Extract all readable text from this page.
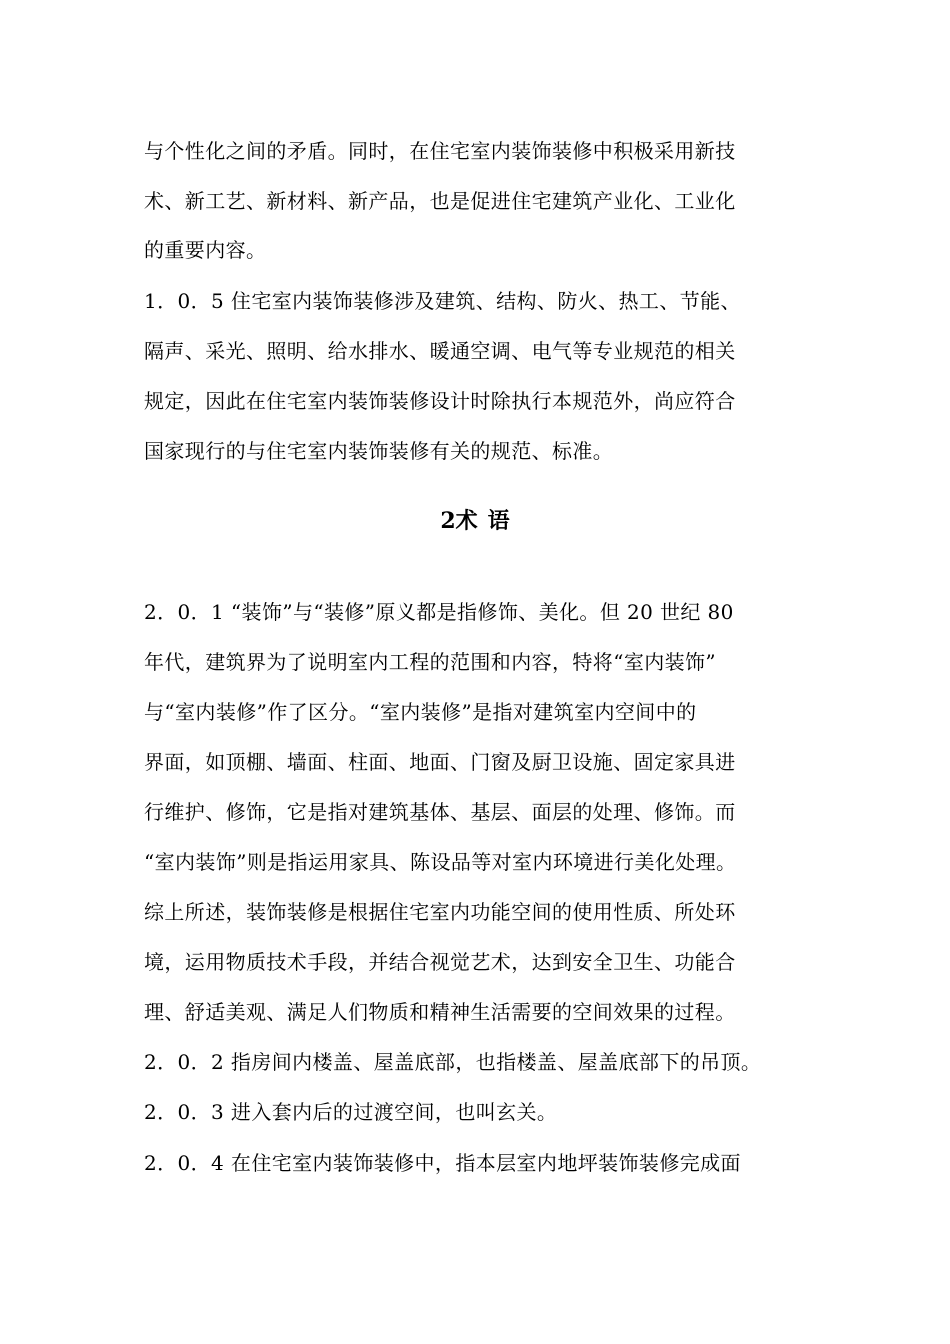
与个性化之间的矛盾。同时，在住宅室内装饰装修中积极采用新技
术、新工艺、新材料、新产品，也是促进住宅建筑产业化、工业化
的重要内容。
1．0．5 住宅室内装饰装修涉及建筑、结构、防火、热工、节能、
隔声、采光、照明、给水排水、暖通空调、电气等专业规范的相关
规定，因此在住宅室内装饰装修设计时除执行本规范外，尚应符合
国家现行的与住宅室内装饰装修有关的规范、标准。
2术 语
2．0．1 “装饰”与“装修”原义都是指修饰、美化。但 20 世纪 80
年代，建筑界为了说明室内工程的范围和内容，特将“室内装饰”
与“室内装修”作了区分。“室内装修”是指对建筑室内空间中的
界面，如顶棚、墙面、柱面、地面、门窗及厨卫设施、固定家具进
行维护、修饰，它是指对建筑基体、基层、面层的处理、修饰。而
“室内装饰”则是指运用家具、陈设品等对室内环境进行美化处理。
综上所述，装饰装修是根据住宅室内功能空间的使用性质、所处环
境，运用物质技术手段，并结合视觉艺术，达到安全卫生、功能合
理、舒适美观、满足人们物质和精神生活需要的空间效果的过程。
2．0．2 指房间内楼盖、屋盖底部，也指楼盖、屋盖底部下的吊顶。
2．0．3 进入套内后的过渡空间，也叫玄关。
2．0．4 在住宅室内装饰装修中，指本层室内地坪装饰装修完成面
